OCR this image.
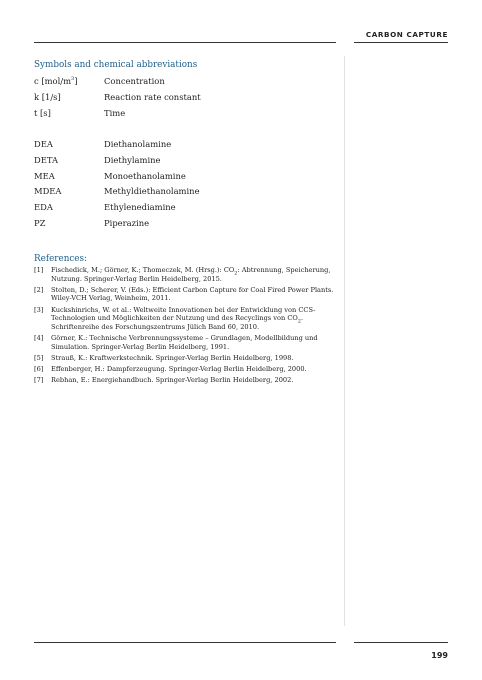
CARBON CAPTURE
Symbols and chemical abbreviations
c $[mol/m^3]$	Concentration
k [1/s]	Reaction rate constant
t [s]	Time
DEA	Diethanolamine
DETA	Diethylamine
MEA	Monoethanolamine
MDEA	Methyldiethanolamine
EDA	Ethylenediamine
PZ	Piperazine
References:
[1] Fischedick, M.; Görner, K.; Thomeczek, M. (Hrsg.): $CO_2$: Abtrennung, Speicherung, Nutzung. Springer-Verlag Berlin Heidelberg, 2015.
[2] Stolten, D.; Scherer, V. (Eds.): Efficient Carbon Capture for Coal Fired Power Plants. Wiley-VCH Verlag, Weinheim, 2011.
[3] Kuckshinrichs, W. et al.: Weltweite Innovationen bei der Entwicklung von CCS-Technologien und Möglichkeiten der Nutzung und des Recyclings von $CO_2$. Schriftenreihe des Forschungszentrums Jülich Band 60, 2010.
[4] Görner, K.: Technische Verbrennungssysteme – Grundlagen, Modellbildung und Simulation. Springer-Verlag Berlin Heidelberg, 1991.
[5] Strauß, K.: Kraftwerkstechnik. Springer-Verlag Berlin Heidelberg, 1998.
[6] Effenberger, H.: Dampferzeugung. Springer-Verlag Berlin Heidelberg, 2000.
[7] Rebhan, E.: Energiehandbuch. Springer-Verlag Berlin Heidelberg, 2002.
199
